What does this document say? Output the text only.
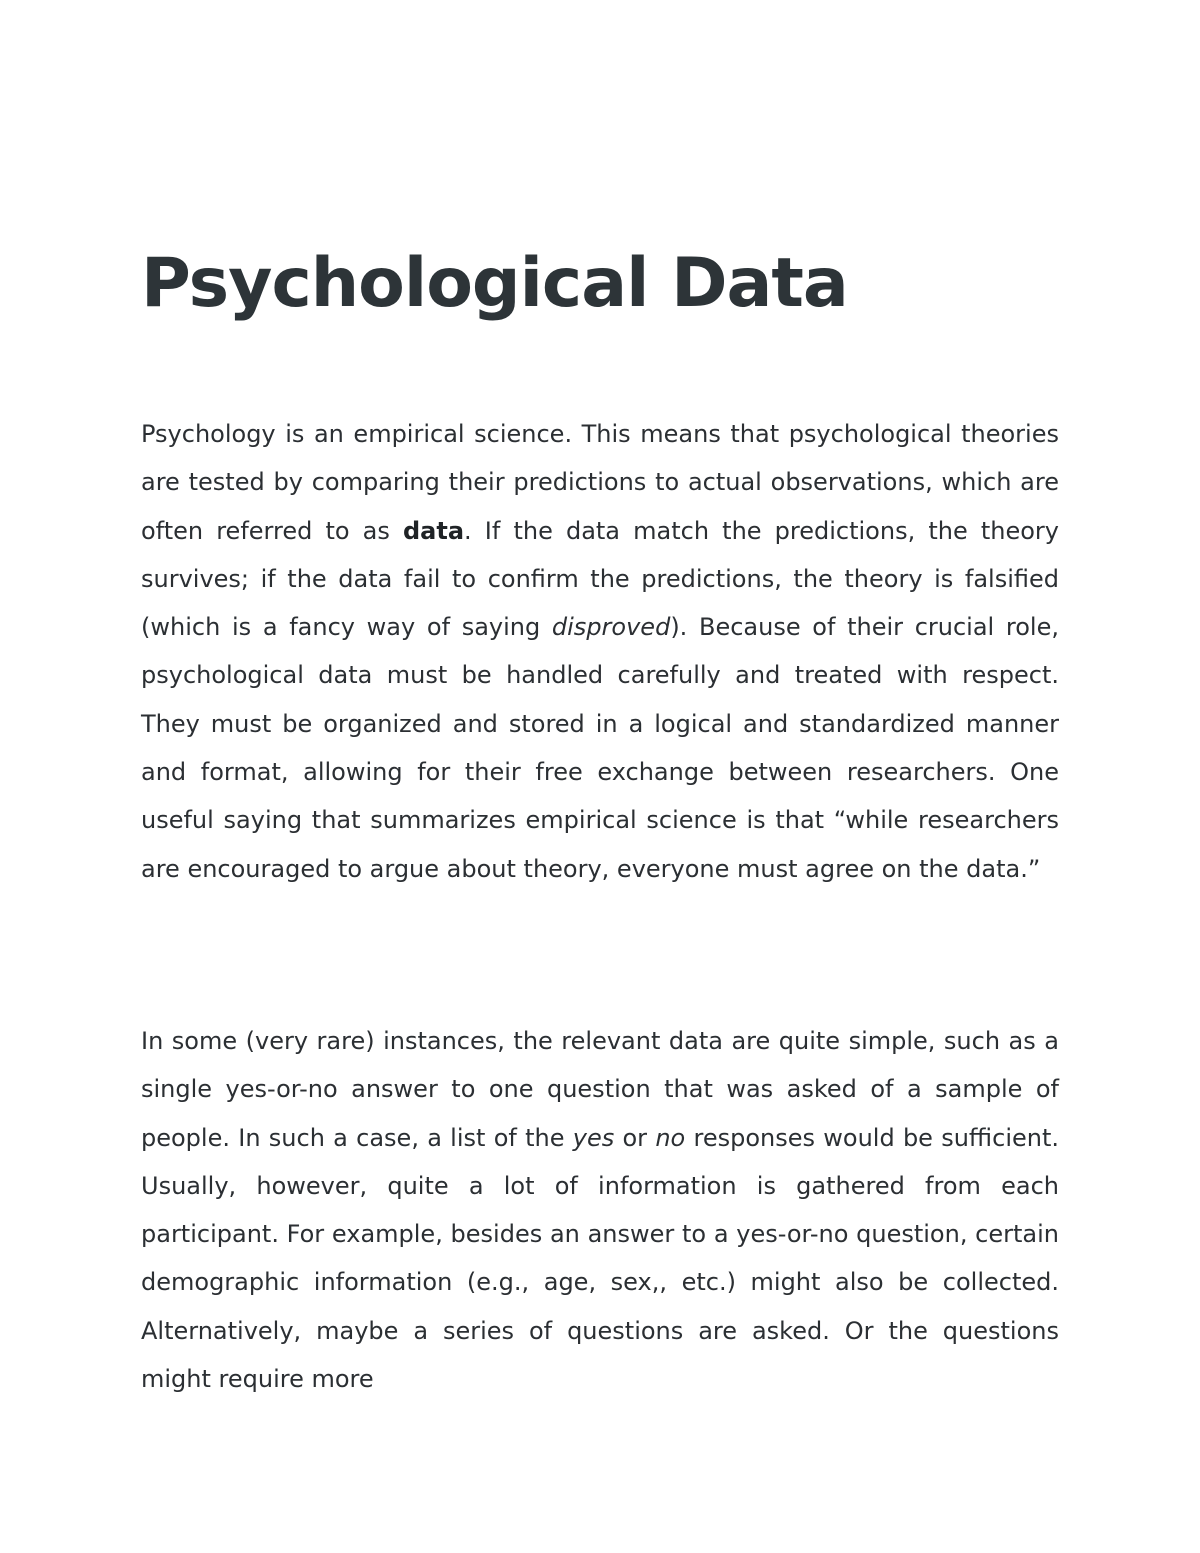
Psychological Data

Psychology is an empirical science. This means that psychological theories are tested by comparing their predictions to actual observations, which are often referred to as data. If the data match the predictions, the theory survives; if the data fail to confirm the predictions, the theory is falsified (which is a fancy way of saying disproved). Because of their crucial role, psychological data must be handled carefully and treated with respect. They must be organized and stored in a logical and standardized manner and format, allowing for their free exchange between researchers. One useful saying that summarizes empirical science is that “while researchers are encouraged to argue about theory, everyone must agree on the data.”

In some (very rare) instances, the relevant data are quite simple, such as a single yes-or-no answer to one question that was asked of a sample of people. In such a case, a list of the yes or no responses would be sufficient. Usually, however, quite a lot of information is gathered from each participant. For example, besides an answer to a yes-or-no question, certain demographic information (e.g., age, sex,, etc.) might also be collected. Alternatively, maybe a series of questions are asked. Or the questions might require more
